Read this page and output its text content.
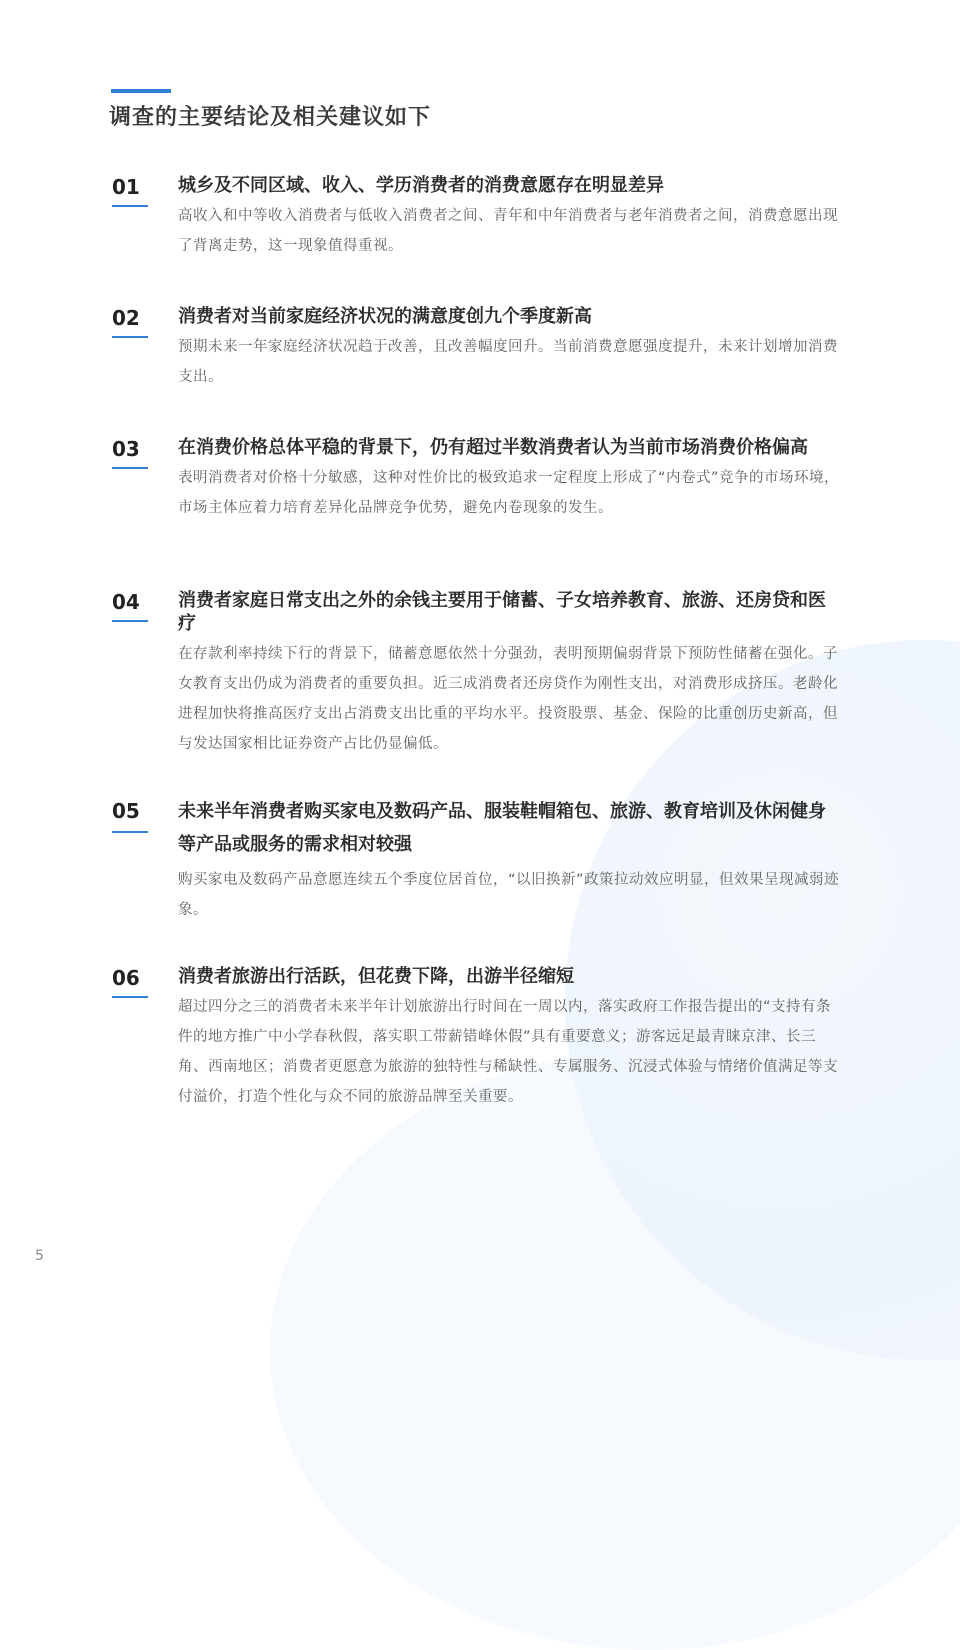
调查的主要结论及相关建议如下
01	城乡及不同区域、收入、学历消费者的消费意愿存在明显差异

高收入和中等收入消费者与低收入消费者之间、青年和中年消费者与老年消费者之间，消费意愿出现了背离走势，这一现象值得重视。

02	消费者对当前家庭经济状况的满意度创九个季度新高

预期未来一年家庭经济状况趋于改善，且改善幅度回升。当前消费意愿强度提升，未来计划增加消费支出。

03	在消费价格总体平稳的背景下，仍有超过半数消费者认为当前市场消费价格偏高

表明消费者对价格十分敏感，这种对性价比的极致追求一定程度上形成了“内卷式”竞争的市场环境，市场主体应着力培育差异化品牌竞争优势，避免内卷现象的发生。

04	消费者家庭日常支出之外的余钱主要用于储蓄、子女培养教育、旅游、还房贷和医疗

在存款利率持续下行的背景下，储蓄意愿依然十分强劲，表明预期偏弱背景下预防性储蓄在强化。子女教育支出仍成为消费者的重要负担。近三成消费者还房贷作为刚性支出，对消费形成挤压。老龄化进程加快将推高医疗支出占消费支出比重的平均水平。投资股票、基金、保险的比重创历史新高，但与发达国家相比证券资产占比仍显偏低。

05	未来半年消费者购买家电及数码产品、服装鞋帽箱包、旅游、教育培训及休闲健身等产品或服务的需求相对较强

购买家电及数码产品意愿连续五个季度位居首位，“以旧换新”政策拉动效应明显，但效果呈现减弱迹象。

06	消费者旅游出行活跃，但花费下降，出游半径缩短

超过四分之三的消费者未来半年计划旅游出行时间在一周以内，落实政府工作报告提出的“支持有条件的地方推广中小学春秋假，落实职工带薪错峰休假”具有重要意义；游客远足最青睐京津、长三角、西南地区；消费者更愿意为旅游的独特性与稀缺性、专属服务、沉浸式体验与情绪价值满足等支付溢价，打造个性化与众不同的旅游品牌至关重要。

5
